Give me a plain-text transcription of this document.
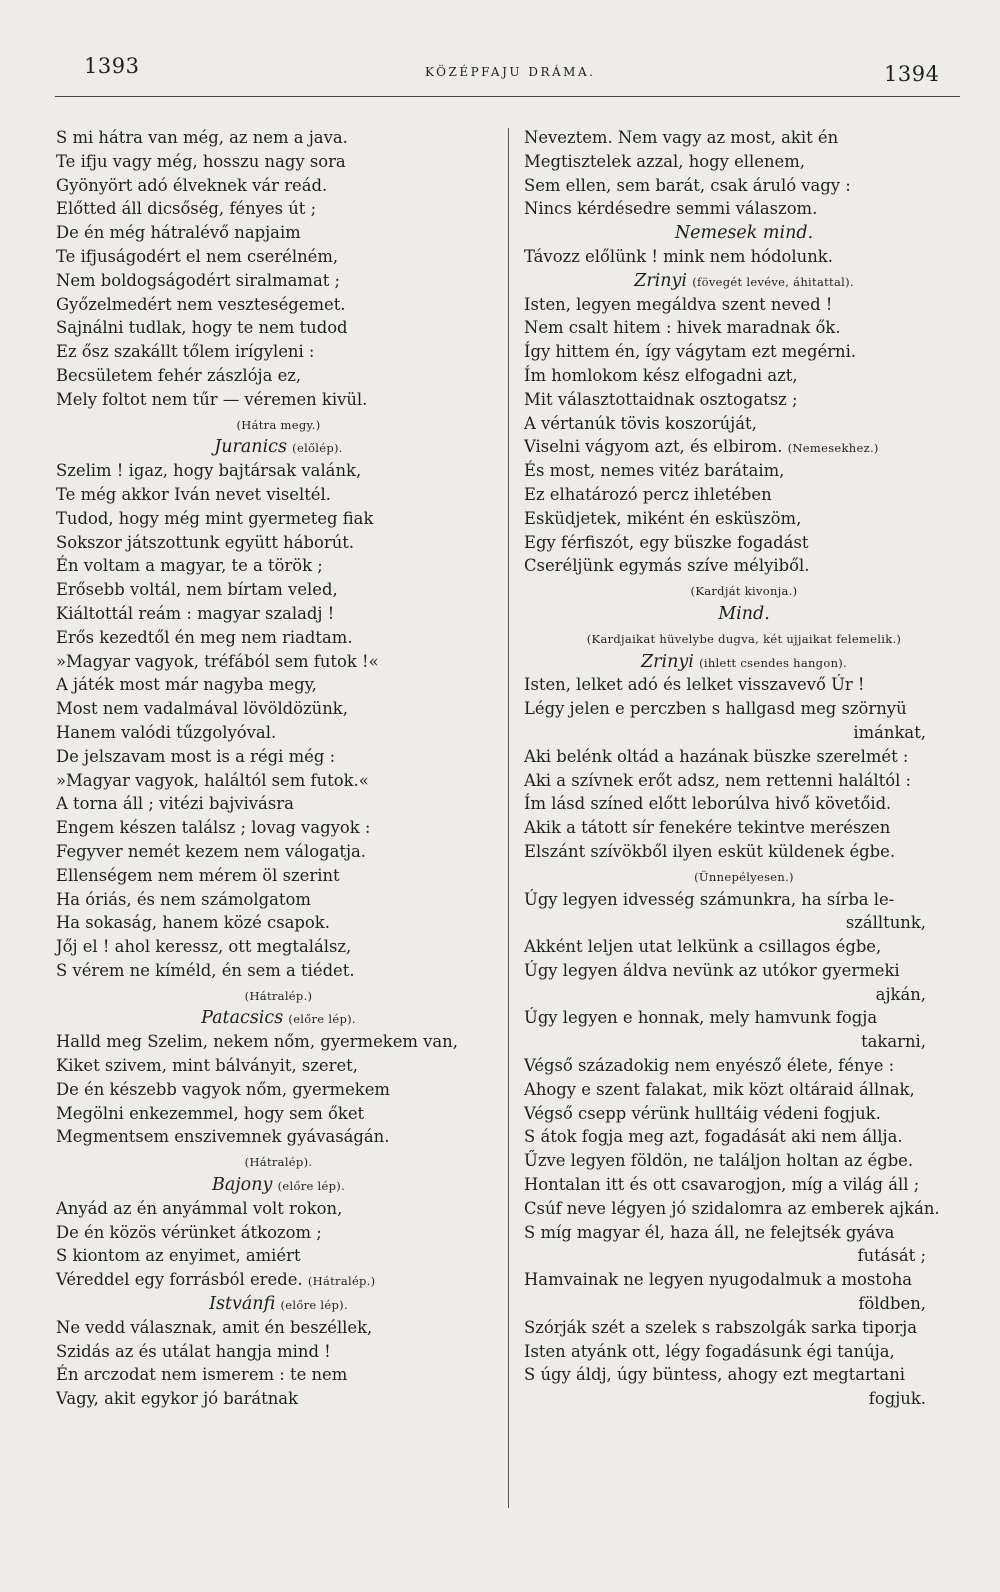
1393	KÖZÉPFAJU DRÁMA.	1394
S mi hátra van még, az nem a java.
Te ifju vagy még, hosszu nagy sora
Gyönyört adó élveknek vár reád.
Előtted áll dicsőség, fényes út ;
De én még hátralévő napjaim
Te ifjuságodért el nem cserélném,
Nem boldogságodért siralmamat ;
Győzelmedért nem veszteségemet.
Sajnálni tudlak, hogy te nem tudod
Ez ősz szakállt tőlem irígyleni :
Becsületem fehér zászlója ez,
Mely foltot nem tűr — véremen kivül.
(Hátra megy.)
Juranics (előlép).
Szelim ! igaz, hogy bajtársak valánk,
Te még akkor Iván nevet viseltél.
Tudod, hogy még mint gyermeteg fiak
Sokszor játszottunk együtt háborút.
Én voltam a magyar, te a török ;
Erősebb voltál, nem bírtam veled,
Kiáltottál reám : magyar szaladj !
Erős kezedtől én meg nem riadtam.
»Magyar vagyok, tréfából sem futok !«
A játék most már nagyba megy,
Most nem vadalmával lövöldözünk,
Hanem valódi tűzgolyóval.
De jelszavam most is a régi még :
»Magyar vagyok, haláltól sem futok.«
A torna áll ; vitézi bajvivásra
Engem készen találsz ; lovag vagyok :
Fegyver nemét kezem nem válogatja.
Ellenségem nem mérem öl szerint
Ha óriás, és nem számolgatom
Ha sokaság, hanem közé csapok.
Jőj el ! ahol keressz, ott megtalálsz,
S vérem ne kíméld, én sem a tiédet.
(Hátralép.)
Patacsics (előre lép).
Halld meg Szelim, nekem nőm, gyermekem van,
Kiket szivem, mint bálványit, szeret,
De én készebb vagyok nőm, gyermekem
Megölni enkezemmel, hogy sem őket
Megmentsem enszivemnek gyávaságán.
(Hátralép).
Bajony (előre lép).
Anyád az én anyámmal volt rokon,
De én közös vérünket átkozom ;
S kiontom az enyimet, amiért
Véreddel egy forrásból erede. (Hátralép.)
Istvánfi (előre lép).
Ne vedd válasznak, amit én beszéllek,
Szidás az és utálat hangja mind !
Én arczodat nem ismerem : te nem
Vagy, akit egykor jó barátnak
Neveztem. Nem vagy az most, akit én
Megtisztelek azzal, hogy ellenem,
Sem ellen, sem barát, csak áruló vagy :
Nincs kérdésedre semmi válaszom.
Nemesek mind.
Távozz előlünk ! mink nem hódolunk.
Zrinyi (fövegét levéve, áhitattal).
Isten, legyen megáldva szent neved !
Nem csalt hitem : hivek maradnak ők.
Így hittem én, így vágytam ezt megérni.
Ím homlokom kész elfogadni azt,
Mit választottaidnak osztogatsz ;
A vértanúk tövis koszorúját,
Viselni vágyom azt, és elbirom. (Nemesekhez.)
És most, nemes vitéz barátaim,
Ez elhatározó percz ihletében
Esküdjetek, miként én esküszöm,
Egy férfiszót, egy büszke fogadást
Cseréljünk egymás szíve mélyiből.
(Kardját kivonja.)
Mind.
(Kardjaikat hüvelybe dugva, két ujjaikat felemelik.)
Zrinyi (ihlett csendes hangon).
Isten, lelket adó és lelket visszavevő Úr !
Légy jelen e perczben s hallgasd meg szörnyü
imánkat,
Aki belénk oltád a hazának büszke szerelmét :
Aki a szívnek erőt adsz, nem rettenni haláltól :
Ím lásd színed előtt leborúlva hivő követőid.
Akik a tátott sír fenekére tekintve merészen
Elszánt szívökből ilyen esküt küldenek égbe.
(Ünnepélyesen.)
Úgy legyen idvesség számunkra, ha sírba le-
szálltunk,
Akként leljen utat lelkünk a csillagos égbe,
Úgy legyen áldva nevünk az utókor gyermeki
ajkán,
Úgy legyen e honnak, mely hamvunk fogja
takarni,
Végső századokig nem enyésző élete, fénye :
Ahogy e szent falakat, mik közt oltáraid állnak,
Végső csepp vérünk hulltáig védeni fogjuk.
S átok fogja meg azt, fogadását aki nem állja.
Űzve legyen földön, ne találjon holtan az égbe.
Hontalan itt és ott csavarogjon, míg a világ áll ;
Csúf neve légyen jó szidalomra az emberek ajkán.
S míg magyar él, haza áll, ne felejtsék gyáva
futását ;
Hamvainak ne legyen nyugodalmuk a mostoha
földben,
Szórják szét a szelek s rabszolgák sarka tiporja
Isten atyánk ott, légy fogadásunk égi tanúja,
S úgy áldj, úgy büntess, ahogy ezt megtartani
fogjuk.
